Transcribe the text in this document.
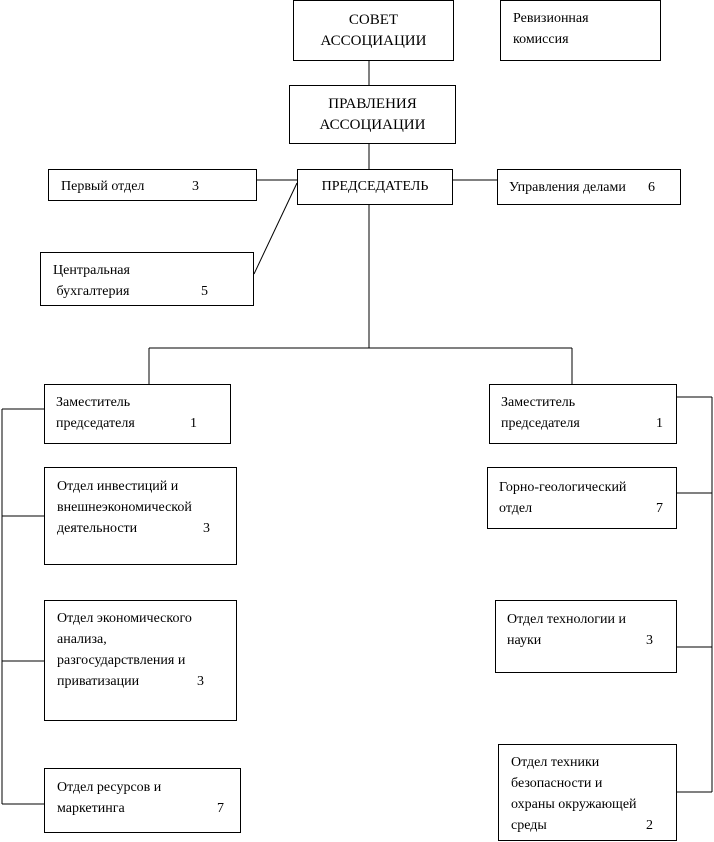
СОВЕТ
АССОЦИАЦИИ
Ревизионная
комиссия
ПРАВЛЕНИЯ
АССОЦИАЦИИ
ПРЕДСЕДАТЕЛЬ
Первый отдел	3	Управления делами 6
Центральная
бухгалтерия	5
Заместитель
председателя	1
Заместитель
председателя	1
Отдел инвестиций и
внешнеэкономической
деятельности	3
Отдел экономического
анализа,
разгосударствления и
приватизации	3
Отдел ресурсов и
маркетинга	7
Горно-геологический
отдел	7
Отдел технологии и
науки	3
Отдел техники
безопасности и
охраны окружающей
среды	2
